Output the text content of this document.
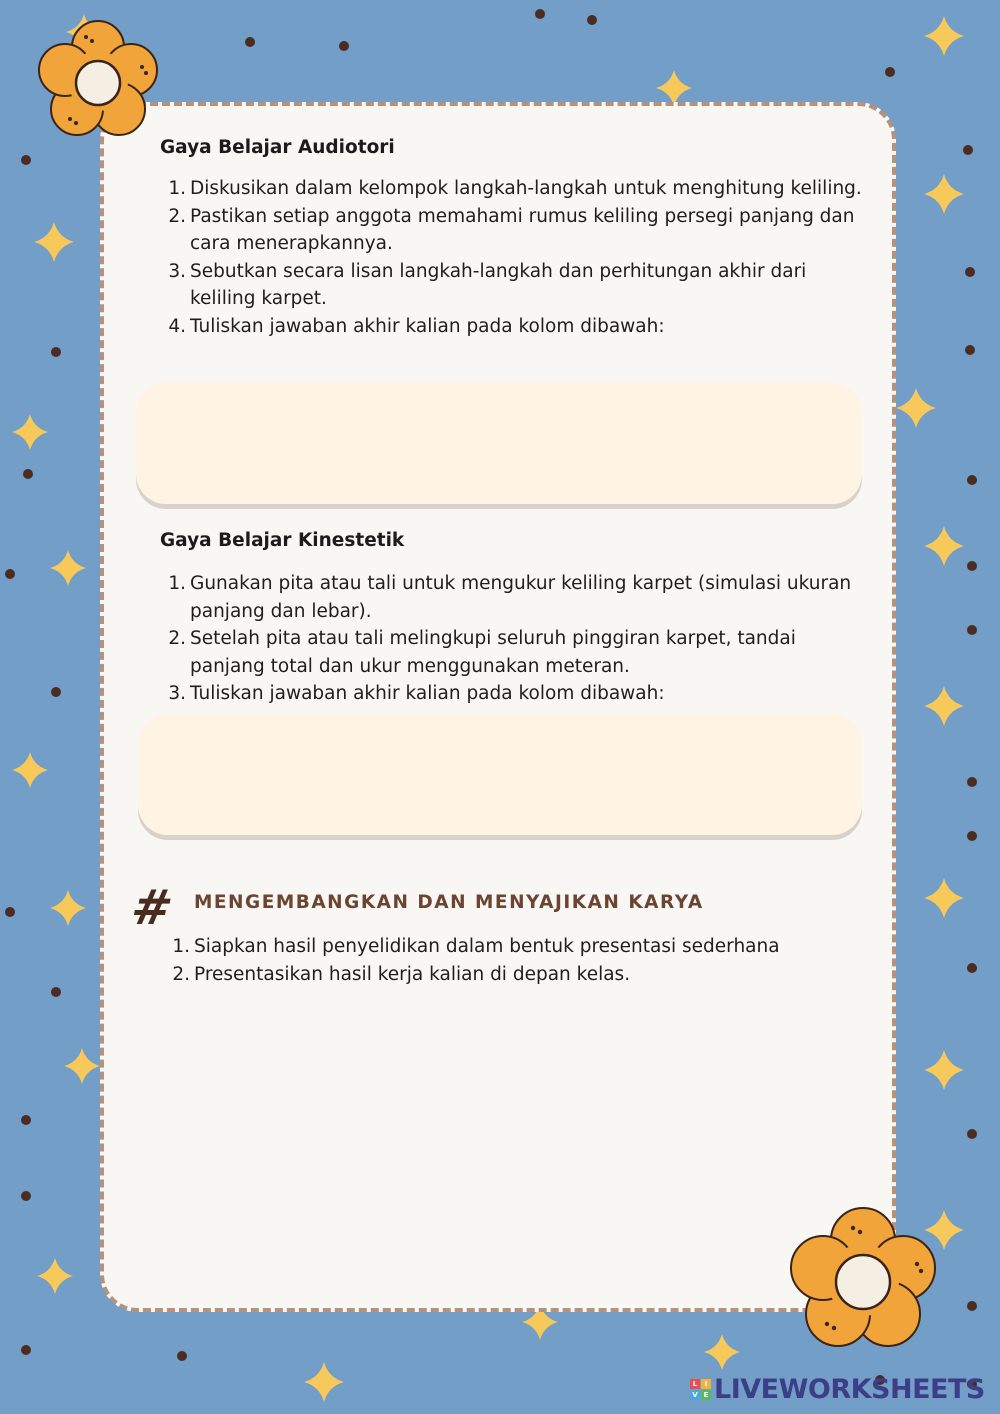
Gaya Belajar Audiotori
1. Diskusikan dalam kelompok langkah-langkah untuk menghitung keliling.
2. Pastikan setiap anggota memahami rumus keliling persegi panjang dan cara menerapkannya.
3. Sebutkan secara lisan langkah-langkah dan perhitungan akhir dari keliling karpet.
4. Tuliskan jawaban akhir kalian pada kolom dibawah:
Gaya Belajar Kinestetik
1. Gunakan pita atau tali untuk mengukur keliling karpet (simulasi ukuran panjang dan lebar).
2. Setelah pita atau tali melingkupi seluruh pinggiran karpet, tandai panjang total dan ukur menggunakan meteran.
3. Tuliskan jawaban akhir kalian pada kolom dibawah:
# MENGEMBANGKAN DAN MENYAJIKAN KARYA
1. Siapkan hasil penyelidikan dalam bentuk presentasi sederhana
2. Presentasikan hasil kerja kalian di depan kelas.
L	I
V E LIVEWORKSHEETS
